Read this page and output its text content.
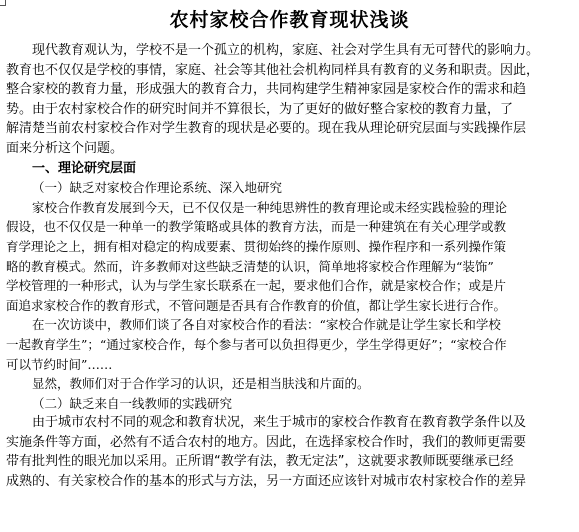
农村家校合作教育现状浅谈
现代教育观认为，学校不是一个孤立的机构，家庭、社会对学生具有无可替代的影响力。
教育也不仅仅是学校的事情，家庭、社会等其他社会机构同样具有教育的义务和职责。因此，
整合家校的教育力量，形成强大的教育合力，共同构建学生精神家园是家校合作的需求和趋
势。由于农村家校合作的研究时间并不算很长，为了更好的做好整合家校的教育力量，了
解清楚当前农村家校合作对学生教育的现状是必要的。现在我从理论研究层面与实践操作层
面来分析这个问题。
一、理论研究层面
（一）缺乏对家校合作理论系统、深入地研究
家校合作教育发展到今天，已不仅仅是一种纯思辨性的教育理论或未经实践检验的理论
假设，也不仅仅是一种单一的教学策略或具体的教育方法，而是一种建筑在有关心理学或教
育学理论之上，拥有相对稳定的构成要素、贯彻始终的操作原则、操作程序和一系列操作策
略的教育模式。然而，许多教师对这些缺乏清楚的认识，简单地将家校合作理解为“装饰”
学校管理的一种形式，认为与学生家长联系在一起，要求他们合作，就是家校合作；或是片
面追求家校合作的教育形式，不管问题是否具有合作教育的价值，都让学生家长进行合作。
在一次访谈中，教师们谈了各自对家校合作的看法：“家校合作就是让学生家长和学校
一起教育学生”；“通过家校合作，每个参与者可以负担得更少，学生学得更好”；“家校合作
可以节约时间”……
显然，教师们对于合作学习的认识，还是相当肤浅和片面的。
（二）缺乏来自一线教师的实践研究
由于城市农村不同的观念和教育状况，来生于城市的家校合作教育在教育教学条件以及
实施条件等方面，必然有不适合农村的地方。因此，在选择家校合作时，我们的教师更需要
带有批判性的眼光加以采用。正所谓“教学有法，教无定法”，这就要求教师既要继承已经
成熟的、有关家校合作的基本的形式与方法，另一方面还应该针对城市农村家校合作的差异
